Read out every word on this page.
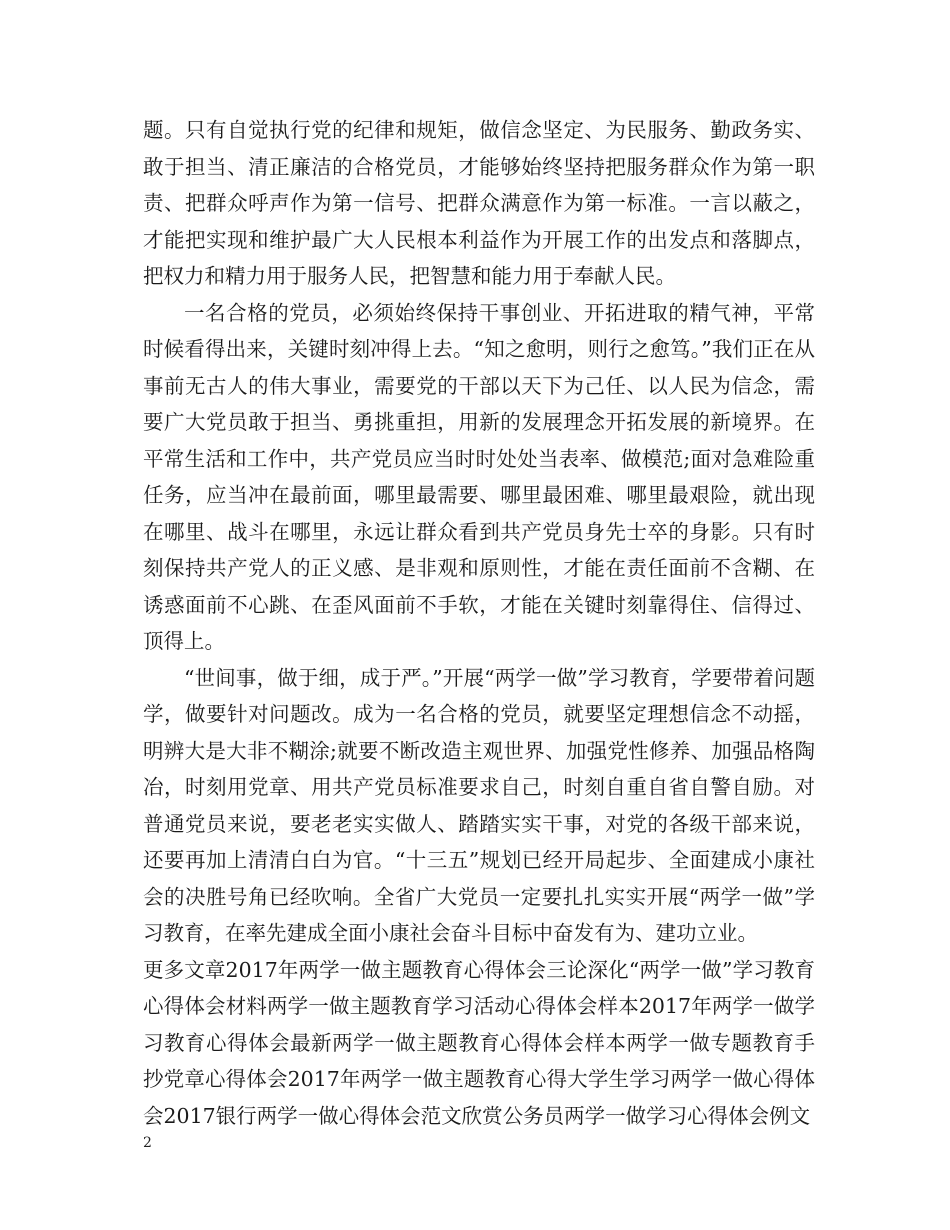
题。只有自觉执行党的纪律和规矩，做信念坚定、为民服务、勤政务实、敢于担当、清正廉洁的合格党员，才能够始终坚持把服务群众作为第一职责、把群众呼声作为第一信号、把群众满意作为第一标准。一言以蔽之，才能把实现和维护最广大人民根本利益作为开展工作的出发点和落脚点，把权力和精力用于服务人民，把智慧和能力用于奉献人民。

一名合格的党员，必须始终保持干事创业、开拓进取的精气神，平常时候看得出来，关键时刻冲得上去。“知之愈明，则行之愈笃。”我们正在从事前无古人的伟大事业，需要党的干部以天下为己任、以人民为信念，需要广大党员敢于担当、勇挑重担，用新的发展理念开拓发展的新境界。在平常生活和工作中，共产党员应当时时处处当表率、做模范;面对急难险重任务，应当冲在最前面，哪里最需要、哪里最困难、哪里最艰险，就出现在哪里、战斗在哪里，永远让群众看到共产党员身先士卒的身影。只有时刻保持共产党人的正义感、是非观和原则性，才能在责任面前不含糊、在诱惑面前不心跳、在歪风面前不手软，才能在关键时刻靠得住、信得过、顶得上。

“世间事，做于细，成于严。”开展“两学一做”学习教育，学要带着问题学，做要针对问题改。成为一名合格的党员，就要坚定理想信念不动摇，明辨大是大非不糊涂;就要不断改造主观世界、加强党性修养、加强品格陶冶，时刻用党章、用共产党员标准要求自己，时刻自重自省自警自励。对普通党员来说，要老老实实做人、踏踏实实干事，对党的各级干部来说，还要再加上清清白白为官。“十三五”规划已经开局起步、全面建成小康社会的决胜号角已经吹响。全省广大党员一定要扎扎实实开展“两学一做”学习教育，在率先建成全面小康社会奋斗目标中奋发有为、建功立业。

更多文章2017年两学一做主题教育心得体会三论深化“两学一做”学习教育心得体会材料两学一做主题教育学习活动心得体会样本2017年两学一做学习教育心得体会最新两学一做主题教育心得体会样本两学一做专题教育手抄党章心得体会2017年两学一做主题教育心得大学生学习两学一做心得体会2017银行两学一做心得体会范文欣赏公务员两学一做学习心得体会例文

2
